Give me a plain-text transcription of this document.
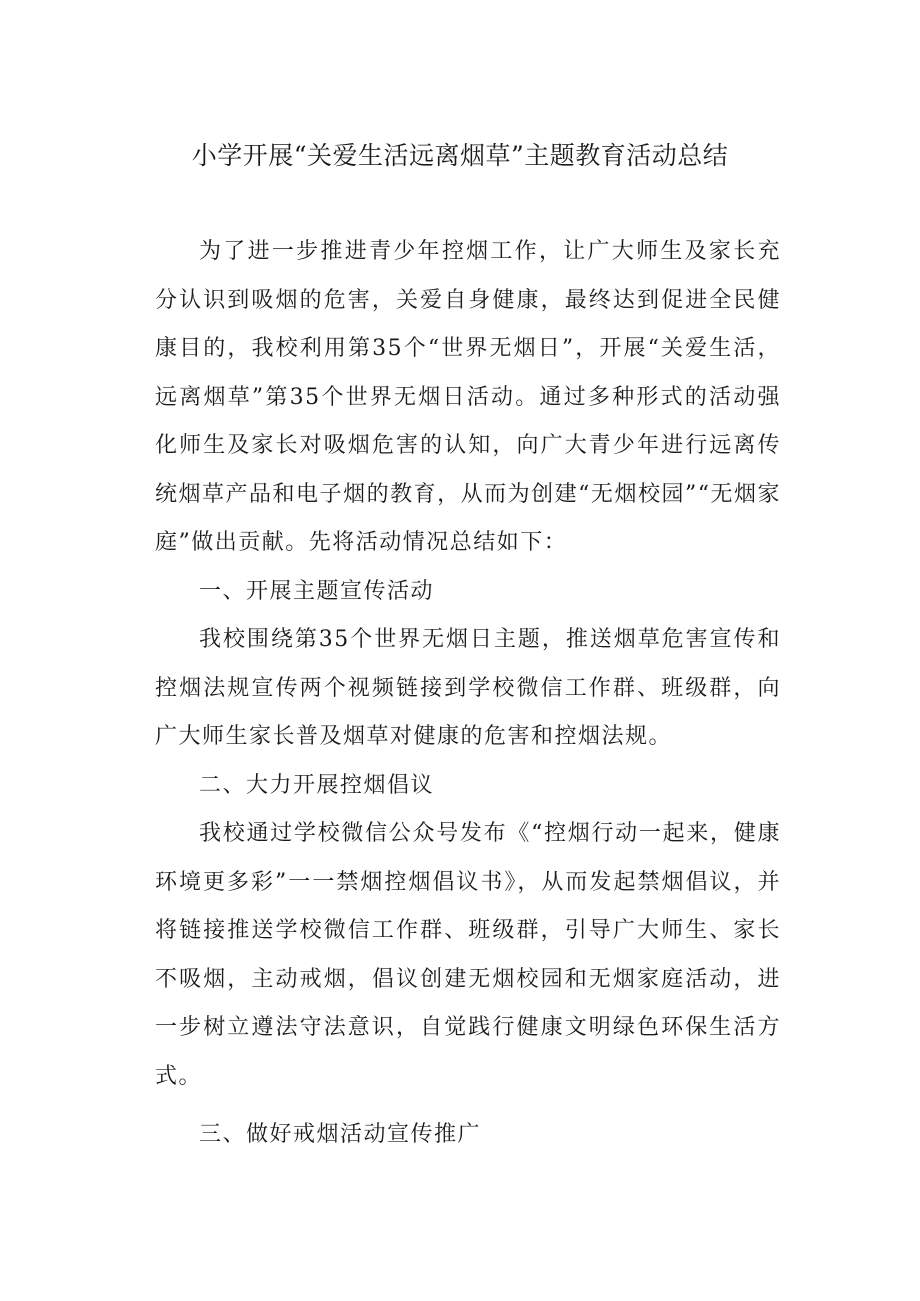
小学开展“关爱生活远离烟草”主题教育活动总结

为了进一步推进青少年控烟工作，让广大师生及家长充分认识到吸烟的危害，关爱自身健康，最终达到促进全民健康目的，我校利用第35个“世界无烟日”，开展“关爱生活，远离烟草”第35个世界无烟日活动。通过多种形式的活动强化师生及家长对吸烟危害的认知，向广大青少年进行远离传统烟草产品和电子烟的教育，从而为创建“无烟校园”“无烟家庭”做出贡献。先将活动情况总结如下：

一、开展主题宣传活动

我校围绕第35个世界无烟日主题，推送烟草危害宣传和控烟法规宣传两个视频链接到学校微信工作群、班级群，向广大师生家长普及烟草对健康的危害和控烟法规。

二、大力开展控烟倡议

我校通过学校微信公众号发布《“控烟行动一起来，健康环境更多彩”一一禁烟控烟倡议书》，从而发起禁烟倡议，并将链接推送学校微信工作群、班级群，引导广大师生、家长不吸烟，主动戒烟，倡议创建无烟校园和无烟家庭活动，进一步树立遵法守法意识，自觉践行健康文明绿色环保生活方式。

三、做好戒烟活动宣传推广
